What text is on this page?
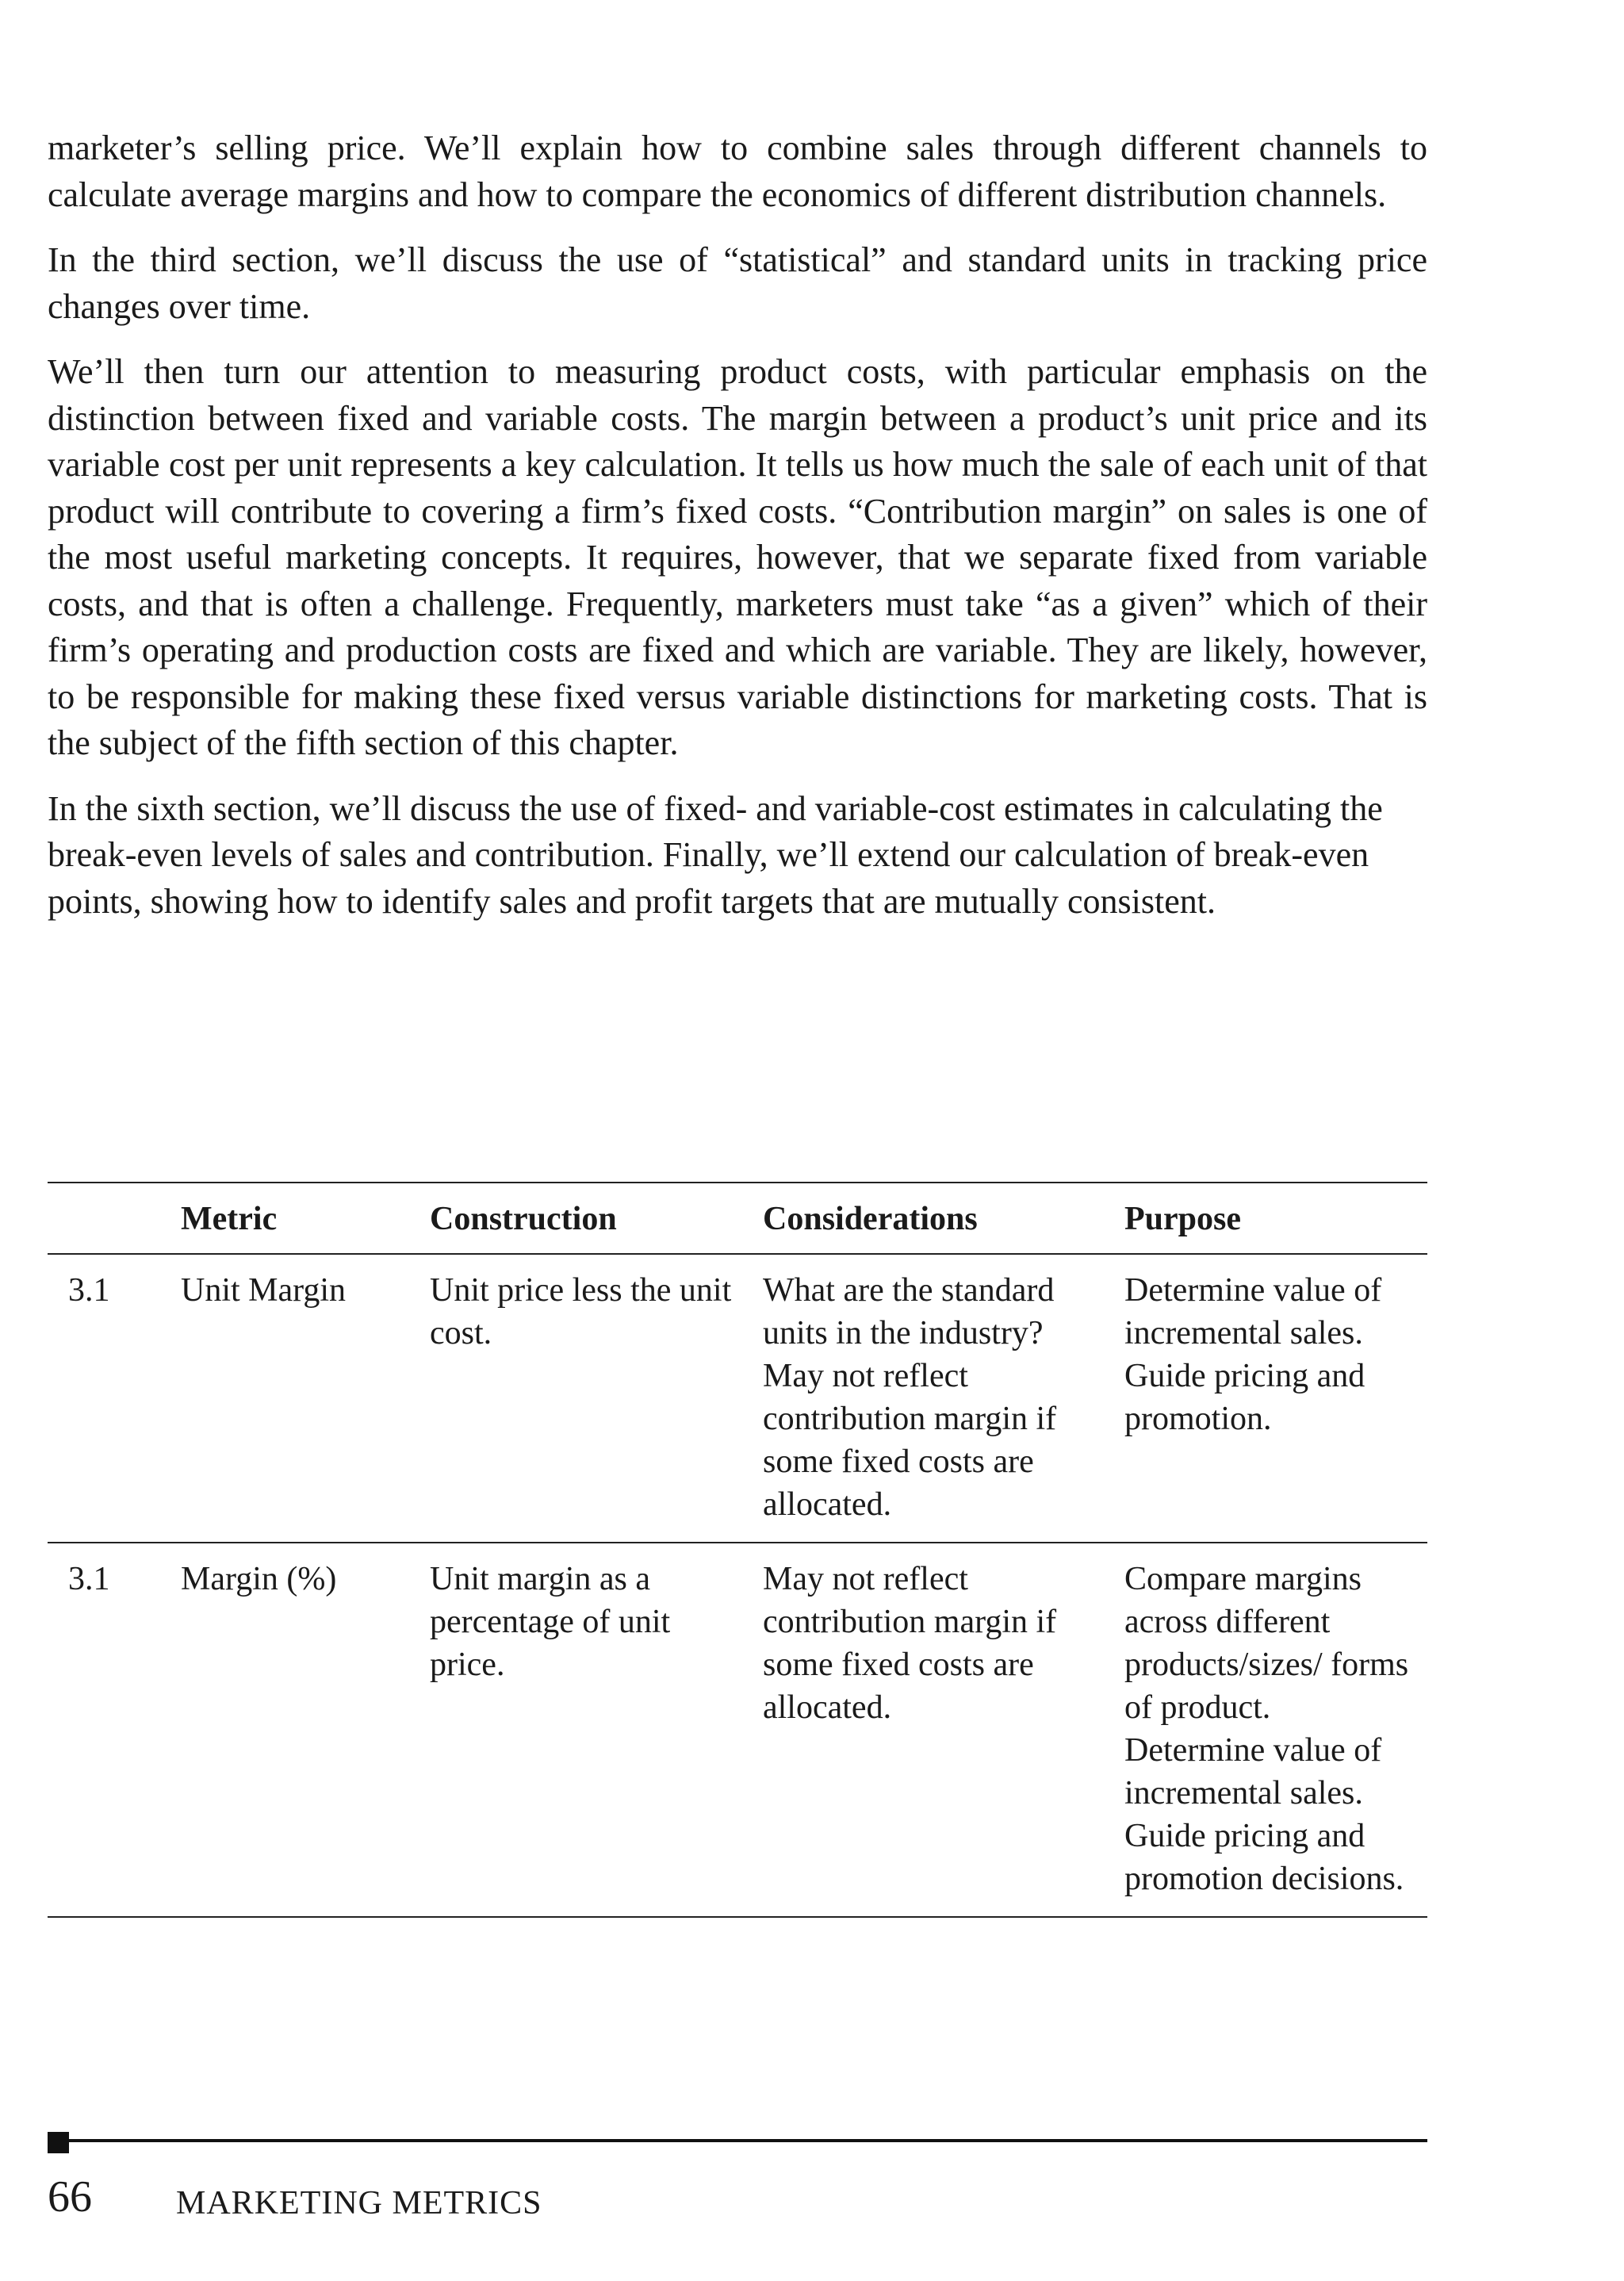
marketer’s selling price. We’ll explain how to combine sales through different channels to calculate average margins and how to compare the economics of different distribution channels.

In the third section, we’ll discuss the use of “statistical” and standard units in tracking price changes over time.

We’ll then turn our attention to measuring product costs, with particular emphasis on the distinction between fixed and variable costs. The margin between a product’s unit price and its variable cost per unit represents a key calculation. It tells us how much the sale of each unit of that product will contribute to covering a firm’s fixed costs. “Contribution margin” on sales is one of the most useful marketing concepts. It requires, however, that we separate fixed from variable costs, and that is often a challenge. Frequently, marketers must take “as a given” which of their firm’s operating and production costs are fixed and which are variable. They are likely, however, to be responsible for making these fixed versus variable distinctions for marketing costs. That is the subject of the fifth section of this chapter.

In the sixth section, we’ll discuss the use of fixed- and variable-cost estimates in calculating the break-even levels of sales and contribution. Finally, we’ll extend our calculation of break-even points, showing how to identify sales and profit targets that are mutually consistent.

	Metric	Construction	Considerations	Purpose
3.1	Unit Margin	Unit price less the unit cost.	What are the standard units in the industry? May not reflect contribution margin if some fixed costs are allocated.	Determine value of incremental sales. Guide pricing and promotion.
3.1	Margin (%)	Unit margin as a percentage of unit price.	May not reflect contribution margin if some fixed costs are allocated.	Compare margins across different products/sizes/ forms of product. Determine value of incremental sales. Guide pricing and promotion decisions.
66	MARKETING METRICS
